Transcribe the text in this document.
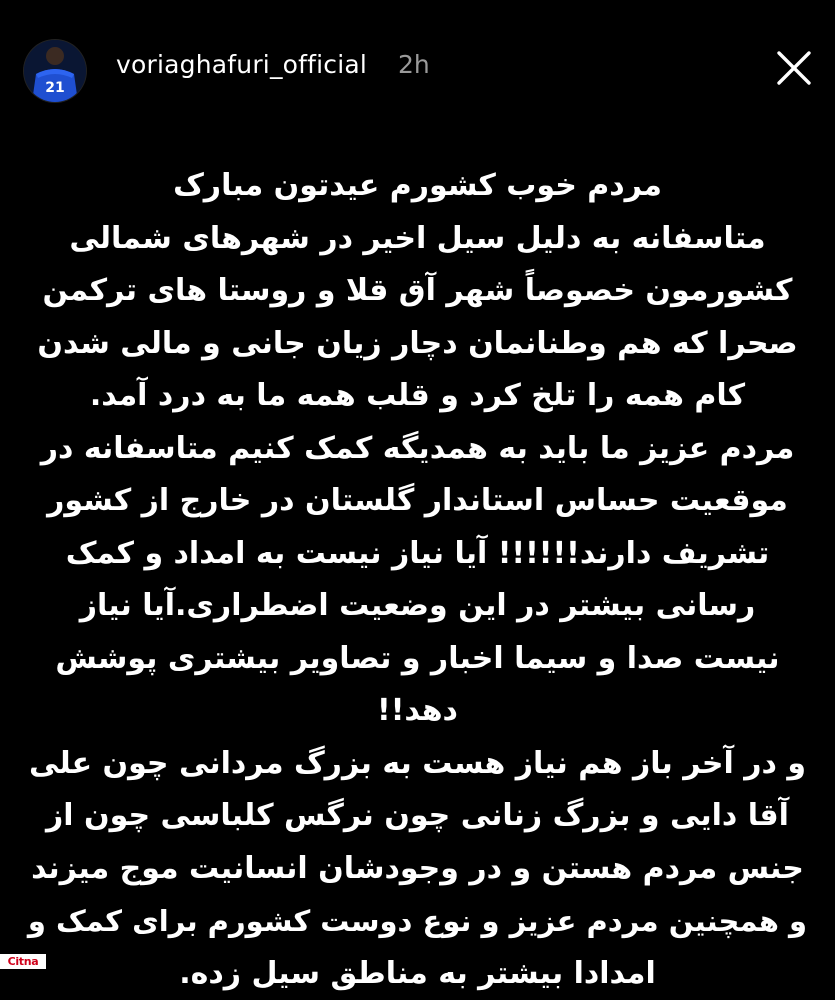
21
voriaghafuri_official 2h
مردم خوب کشورم عیدتون مبارک
متاسفانه به دلیل سیل اخیر در شهرهای شمالی
کشورمون خصوصاً شهر آق قلا و روستا های ترکمن
صحرا که هم وطنانمان دچار زیان جانی و مالی شدن
کام همه را تلخ کرد و قلب همه ما به درد آمد.
مردم عزیز ما باید به همدیگه کمک کنیم متاسفانه در
موقعیت حساس استاندار گلستان در خارج از کشور
تشریف دارند!!!!!! آیا نیاز نیست به امداد و کمک
رسانی بیشتر در این وضعیت اضطراری.آیا نیاز
نیست صدا و سیما اخبار و تصاویر بیشتری پوشش
دهد!!
و در آخر باز هم نیاز هست به بزرگ مردانی چون علی
آقا دایی و بزرگ زنانی چون نرگس کلباسی چون از
جنس مردم هستن و در وجودشان انسانیت موج میزند
و همچنین مردم عزیز و نوع دوست کشورم برای کمک و
امدادا بیشتر به مناطق سیل زده.
Citna
